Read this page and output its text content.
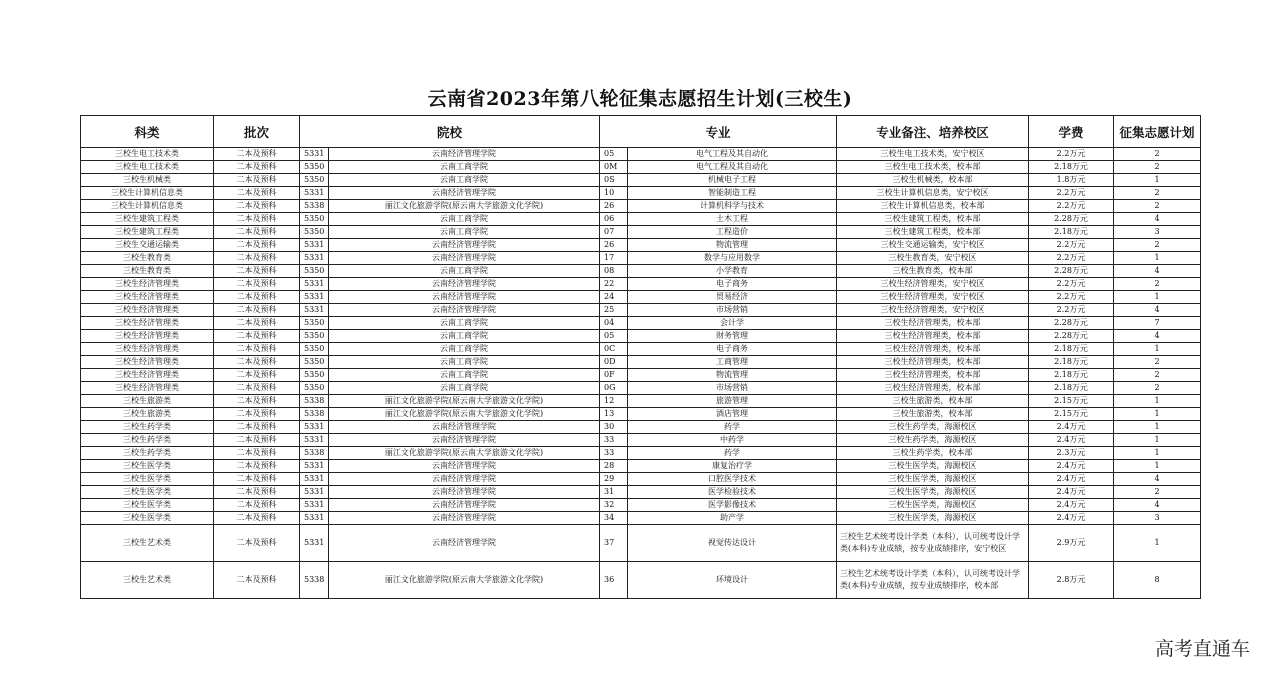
云南省2023年第八轮征集志愿招生计划(三校生)
科类	批次	院校		专业		专业备注、培养校区	学费	征集志愿计划
三校生电工技术类	二本及预科	5331	云南经济管理学院	05	电气工程及其自动化	三校生电工技术类，安宁校区	2.2万元	2
三校生电工技术类	二本及预科	5350	云南工商学院	0M	电气工程及其自动化	三校生电工技术类，校本部	2.18万元	2
三校生机械类	二本及预科	5350	云南工商学院	0S	机械电子工程	三校生机械类，校本部	1.8万元	1
三校生计算机信息类	二本及预科	5331	云南经济管理学院	10	智能制造工程	三校生计算机信息类，安宁校区	2.2万元	2
三校生计算机信息类	二本及预科	5338	丽江文化旅游学院(原云南大学旅游文化学院)	26	计算机科学与技术	三校生计算机信息类，校本部	2.2万元	2
三校生建筑工程类	二本及预科	5350	云南工商学院	06	土木工程	三校生建筑工程类，校本部	2.28万元	4
三校生建筑工程类	二本及预科	5350	云南工商学院	07	工程造价	三校生建筑工程类，校本部	2.18万元	3
三校生交通运输类	二本及预科	5331	云南经济管理学院	26	物流管理	三校生交通运输类，安宁校区	2.2万元	2
三校生教育类	二本及预科	5331	云南经济管理学院	17	数学与应用数学	三校生教育类，安宁校区	2.2万元	1
三校生教育类	二本及预科	5350	云南工商学院	08	小学教育	三校生教育类，校本部	2.28万元	4
三校生经济管理类	二本及预科	5331	云南经济管理学院	22	电子商务	三校生经济管理类，安宁校区	2.2万元	2
三校生经济管理类	二本及预科	5331	云南经济管理学院	24	贸易经济	三校生经济管理类，安宁校区	2.2万元	1
三校生经济管理类	二本及预科	5331	云南经济管理学院	25	市场营销	三校生经济管理类，安宁校区	2.2万元	4
三校生经济管理类	二本及预科	5350	云南工商学院	04	会计学	三校生经济管理类，校本部	2.28万元	7
三校生经济管理类	二本及预科	5350	云南工商学院	05	财务管理	三校生经济管理类，校本部	2.28万元	4
三校生经济管理类	二本及预科	5350	云南工商学院	0C	电子商务	三校生经济管理类，校本部	2.18万元	1
三校生经济管理类	二本及预科	5350	云南工商学院	0D	工商管理	三校生经济管理类，校本部	2.18万元	2
三校生经济管理类	二本及预科	5350	云南工商学院	0F	物流管理	三校生经济管理类，校本部	2.18万元	2
三校生经济管理类	二本及预科	5350	云南工商学院	0G	市场营销	三校生经济管理类，校本部	2.18万元	2
三校生旅游类	二本及预科	5338	丽江文化旅游学院(原云南大学旅游文化学院)	12	旅游管理	三校生旅游类，校本部	2.15万元	1
三校生旅游类	二本及预科	5338	丽江文化旅游学院(原云南大学旅游文化学院)	13	酒店管理	三校生旅游类，校本部	2.15万元	1
三校生药学类	二本及预科	5331	云南经济管理学院	30	药学	三校生药学类，海源校区	2.4万元	1
三校生药学类	二本及预科	5331	云南经济管理学院	33	中药学	三校生药学类，海源校区	2.4万元	1
三校生药学类	二本及预科	5338	丽江文化旅游学院(原云南大学旅游文化学院)	33	药学	三校生药学类，校本部	2.3万元	1
三校生医学类	二本及预科	5331	云南经济管理学院	28	康复治疗学	三校生医学类，海源校区	2.4万元	1
三校生医学类	二本及预科	5331	云南经济管理学院	29	口腔医学技术	三校生医学类，海源校区	2.4万元	4
三校生医学类	二本及预科	5331	云南经济管理学院	31	医学检验技术	三校生医学类，海源校区	2.4万元	2
三校生医学类	二本及预科	5331	云南经济管理学院	32	医学影像技术	三校生医学类，海源校区	2.4万元	4
三校生医学类	二本及预科	5331	云南经济管理学院	34	助产学	三校生医学类，海源校区	2.4万元	3
三校生艺术类	二本及预科	5331	云南经济管理学院	37	视觉传达设计	三校生艺术统考设计学类（本科），认可统考设计学类(本科)专业成绩，按专业成绩排序，安宁校区	2.9万元	1
三校生艺术类	二本及预科	5338	丽江文化旅游学院(原云南大学旅游文化学院)	36	环境设计	三校生艺术统考设计学类（本科），认可统考设计学类(本科)专业成绩，按专业成绩排序，校本部	2.8万元	8
高考直通车
